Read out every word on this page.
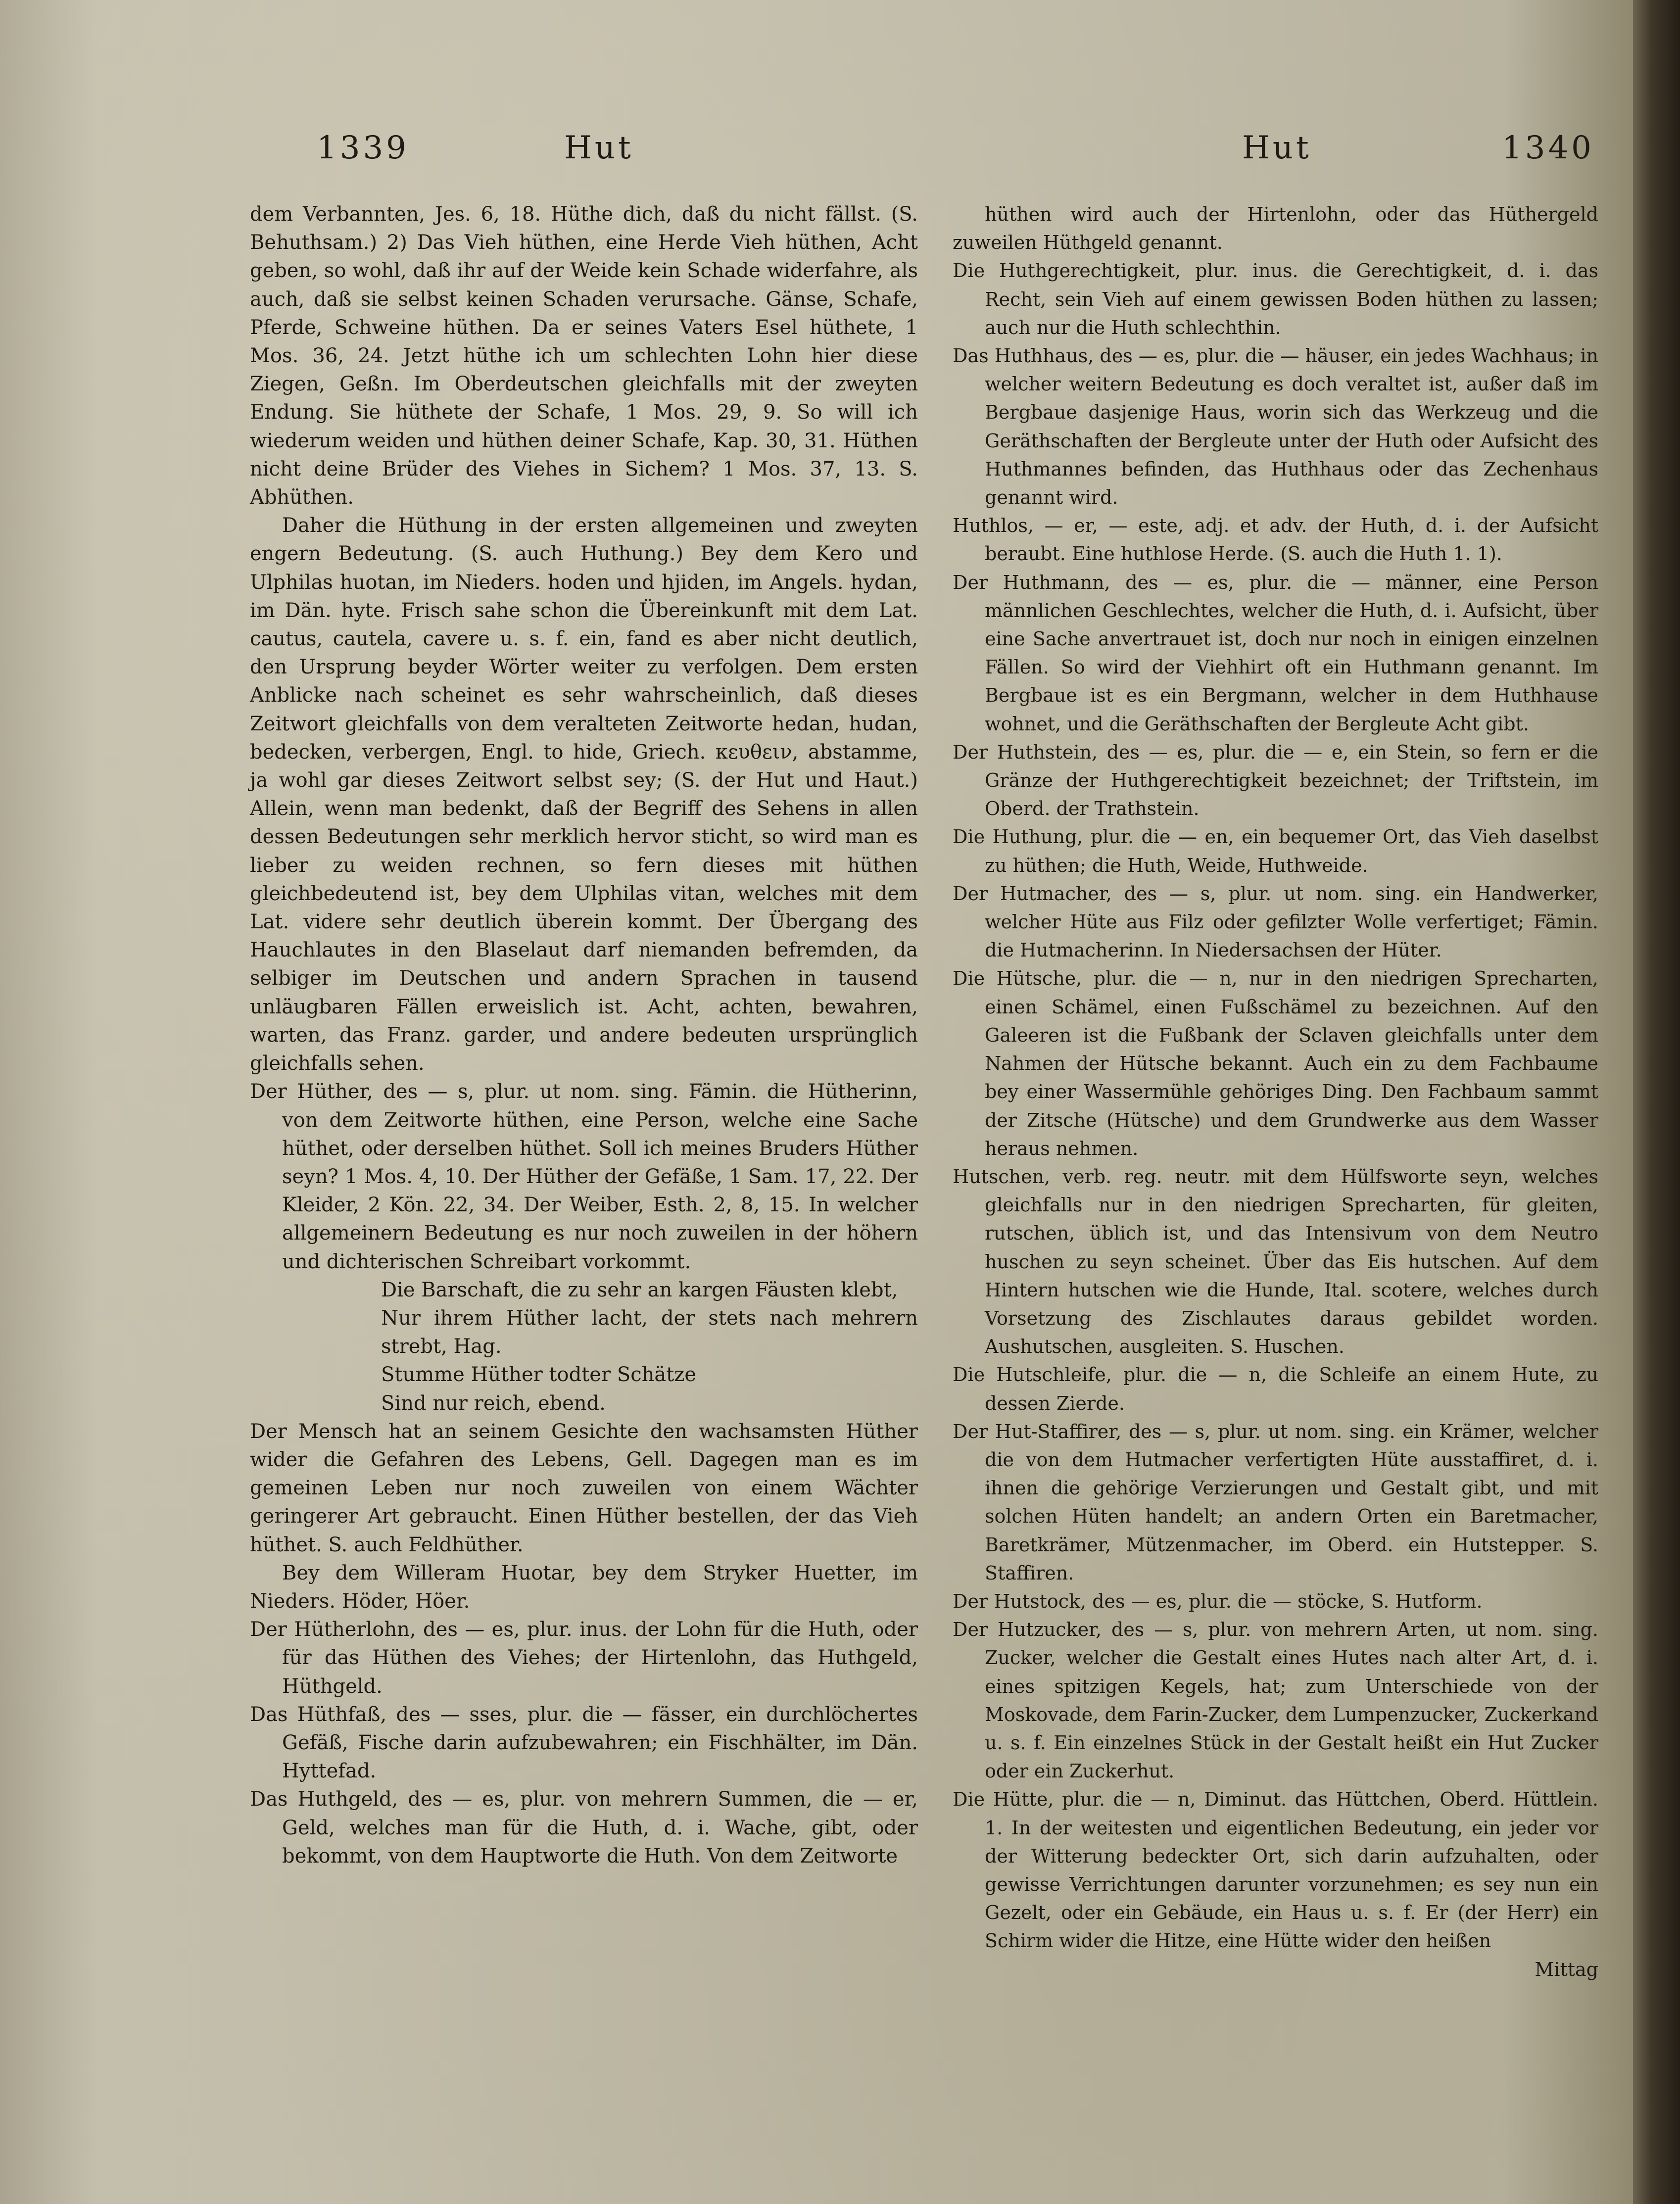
1339	Hut	Hut	1340

dem Verbannten, Jes. 6, 18. Hüthe dich, daß du nicht fällst. (S. Behuthsam.) 2) Das Vieh hüthen, eine Herde Vieh hüthen, Acht geben, so wohl, daß ihr auf der Weide kein Schade widerfahre, als auch, daß sie selbst keinen Schaden verursache. Gänse, Schafe, Pferde, Schweine hüthen. Da er seines Vaters Esel hüthete, 1 Mos. 36, 24. Jetzt hüthe ich um schlechten Lohn hier diese Ziegen, Geßn. Im Oberdeutschen gleichfalls mit der zweyten Endung. Sie hüthete der Schafe, 1 Mos. 29, 9. So will ich wiederum weiden und hüthen deiner Schafe, Kap. 30, 31. Hüthen nicht deine Brüder des Viehes in Sichem? 1 Mos. 37, 13. S. Abhüthen.

Daher die Hüthung in der ersten allgemeinen und zweyten engern Bedeutung. (S. auch Huthung.) Bey dem Kero und Ulphilas huotan, im Nieders. hoden und hjiden, im Angels. hydan, im Dän. hyte. Frisch sahe schon die Übereinkunft mit dem Lat. cautus, cautela, cavere u. s. f. ein, fand es aber nicht deutlich, den Ursprung beyder Wörter weiter zu verfolgen. Dem ersten Anblicke nach scheinet es sehr wahrscheinlich, daß dieses Zeitwort gleichfalls von dem veralteten Zeitworte hedan, hudan, bedecken, verbergen, Engl. to hide, Griech. κευθειν, abstamme, ja wohl gar dieses Zeitwort selbst sey; (S. der Hut und Haut.) Allein, wenn man bedenkt, daß der Begriff des Sehens in allen dessen Bedeutungen sehr merklich hervor sticht, so wird man es lieber zu weiden rechnen, so fern dieses mit hüthen gleichbedeutend ist, bey dem Ulphilas vitan, welches mit dem Lat. videre sehr deutlich überein kommt. Der Übergang des Hauchlautes in den Blaselaut darf niemanden befremden, da selbiger im Deutschen und andern Sprachen in tausend unläugbaren Fällen erweislich ist. Acht, achten, bewahren, warten, das Franz. garder, und andere bedeuten ursprünglich gleichfalls sehen.

Der Hüther, des — s, plur. ut nom. sing. Fämin. die Hütherinn, von dem Zeitworte hüthen, eine Person, welche eine Sache hüthet, oder derselben hüthet. Soll ich meines Bruders Hüther seyn? 1 Mos. 4, 10. Der Hüther der Gefäße, 1 Sam. 17, 22. Der Kleider, 2 Kön. 22, 34. Der Weiber, Esth. 2, 8, 15. In welcher allgemeinern Bedeutung es nur noch zuweilen in der höhern und dichterischen Schreibart vorkommt.

Die Barschaft, die zu sehr an kargen Fäusten klebt,

Nur ihrem Hüther lacht, der stets nach mehrern strebt, Hag.

Stumme Hüther todter Schätze

Sind nur reich, ebend.

Der Mensch hat an seinem Gesichte den wachsamsten Hüther wider die Gefahren des Lebens, Gell. Dagegen man es im gemeinen Leben nur noch zuweilen von einem Wächter geringerer Art gebraucht. Einen Hüther bestellen, der das Vieh hüthet. S. auch Feldhüther.

Bey dem Willeram Huotar, bey dem Stryker Huetter, im Nieders. Höder, Höer.

Der Hütherlohn, des — es, plur. inus. der Lohn für die Huth, oder für das Hüthen des Viehes; der Hirtenlohn, das Huthgeld, Hüthgeld.

Das Hüthfaß, des — sses, plur. die — fässer, ein durchlöchertes Gefäß, Fische darin aufzubewahren; ein Fischhälter, im Dän. Hyttefad.

Das Huthgeld, des — es, plur. von mehrern Summen, die — er, Geld, welches man für die Huth, d. i. Wache, gibt, oder bekommt, von dem Hauptworte die Huth. Von dem Zeitworte

hüthen wird auch der Hirtenlohn, oder das Hüthergeld zuweilen Hüthgeld genannt.

Die Huthgerechtigkeit, plur. inus. die Gerechtigkeit, d. i. das Recht, sein Vieh auf einem gewissen Boden hüthen zu lassen; auch nur die Huth schlechthin.

Das Huthhaus, des — es, plur. die — häuser, ein jedes Wachhaus; in welcher weitern Bedeutung es doch veraltet ist, außer daß im Bergbaue dasjenige Haus, worin sich das Werkzeug und die Geräthschaften der Bergleute unter der Huth oder Aufsicht des Huthmannes befinden, das Huthhaus oder das Zechenhaus genannt wird.

Huthlos, — er, — este, adj. et adv. der Huth, d. i. der Aufsicht beraubt. Eine huthlose Herde. (S. auch die Huth 1. 1).

Der Huthmann, des — es, plur. die — männer, eine Person männlichen Geschlechtes, welcher die Huth, d. i. Aufsicht, über eine Sache anvertrauet ist, doch nur noch in einigen einzelnen Fällen. So wird der Viehhirt oft ein Huthmann genannt. Im Bergbaue ist es ein Bergmann, welcher in dem Huthhause wohnet, und die Geräthschaften der Bergleute Acht gibt.

Der Huthstein, des — es, plur. die — e, ein Stein, so fern er die Gränze der Huthgerechtigkeit bezeichnet; der Triftstein, im Oberd. der Trathstein.

Die Huthung, plur. die — en, ein bequemer Ort, das Vieh daselbst zu hüthen; die Huth, Weide, Huthweide.

Der Hutmacher, des — s, plur. ut nom. sing. ein Handwerker, welcher Hüte aus Filz oder gefilzter Wolle verfertiget; Fämin. die Hutmacherinn. In Niedersachsen der Hüter.

Die Hütsche, plur. die — n, nur in den niedrigen Sprecharten, einen Schämel, einen Fußschämel zu bezeichnen. Auf den Galeeren ist die Fußbank der Sclaven gleichfalls unter dem Nahmen der Hütsche bekannt. Auch ein zu dem Fachbaume bey einer Wassermühle gehöriges Ding. Den Fachbaum sammt der Zitsche (Hütsche) und dem Grundwerke aus dem Wasser heraus nehmen.

Hutschen, verb. reg. neutr. mit dem Hülfsworte seyn, welches gleichfalls nur in den niedrigen Sprecharten, für gleiten, rutschen, üblich ist, und das Intensivum von dem Neutro huschen zu seyn scheinet. Über das Eis hutschen. Auf dem Hintern hutschen wie die Hunde, Ital. scotere, welches durch Vorsetzung des Zischlautes daraus gebildet worden. Aushutschen, ausgleiten. S. Huschen.

Die Hutschleife, plur. die — n, die Schleife an einem Hute, zu dessen Zierde.

Der Hut-Staffirer, des — s, plur. ut nom. sing. ein Krämer, welcher die von dem Hutmacher verfertigten Hüte ausstaffiret, d. i. ihnen die gehörige Verzierungen und Gestalt gibt, und mit solchen Hüten handelt; an andern Orten ein Baretmacher, Baretkrämer, Mützenmacher, im Oberd. ein Hutstepper. S. Staffiren.

Der Hutstock, des — es, plur. die — stöcke, S. Hutform.

Der Hutzucker, des — s, plur. von mehrern Arten, ut nom. sing. Zucker, welcher die Gestalt eines Hutes nach alter Art, d. i. eines spitzigen Kegels, hat; zum Unterschiede von der Moskovade, dem Farin-Zucker, dem Lumpenzucker, Zuckerkand u. s. f. Ein einzelnes Stück in der Gestalt heißt ein Hut Zucker oder ein Zuckerhut.

Die Hütte, plur. die — n, Diminut. das Hüttchen, Oberd. Hüttlein. 1. In der weitesten und eigentlichen Bedeutung, ein jeder vor der Witterung bedeckter Ort, sich darin aufzuhalten, oder gewisse Verrichtungen darunter vorzunehmen; es sey nun ein Gezelt, oder ein Gebäude, ein Haus u. s. f. Er (der Herr) ein Schirm wider die Hitze, eine Hütte wider den heißen

Mittag
